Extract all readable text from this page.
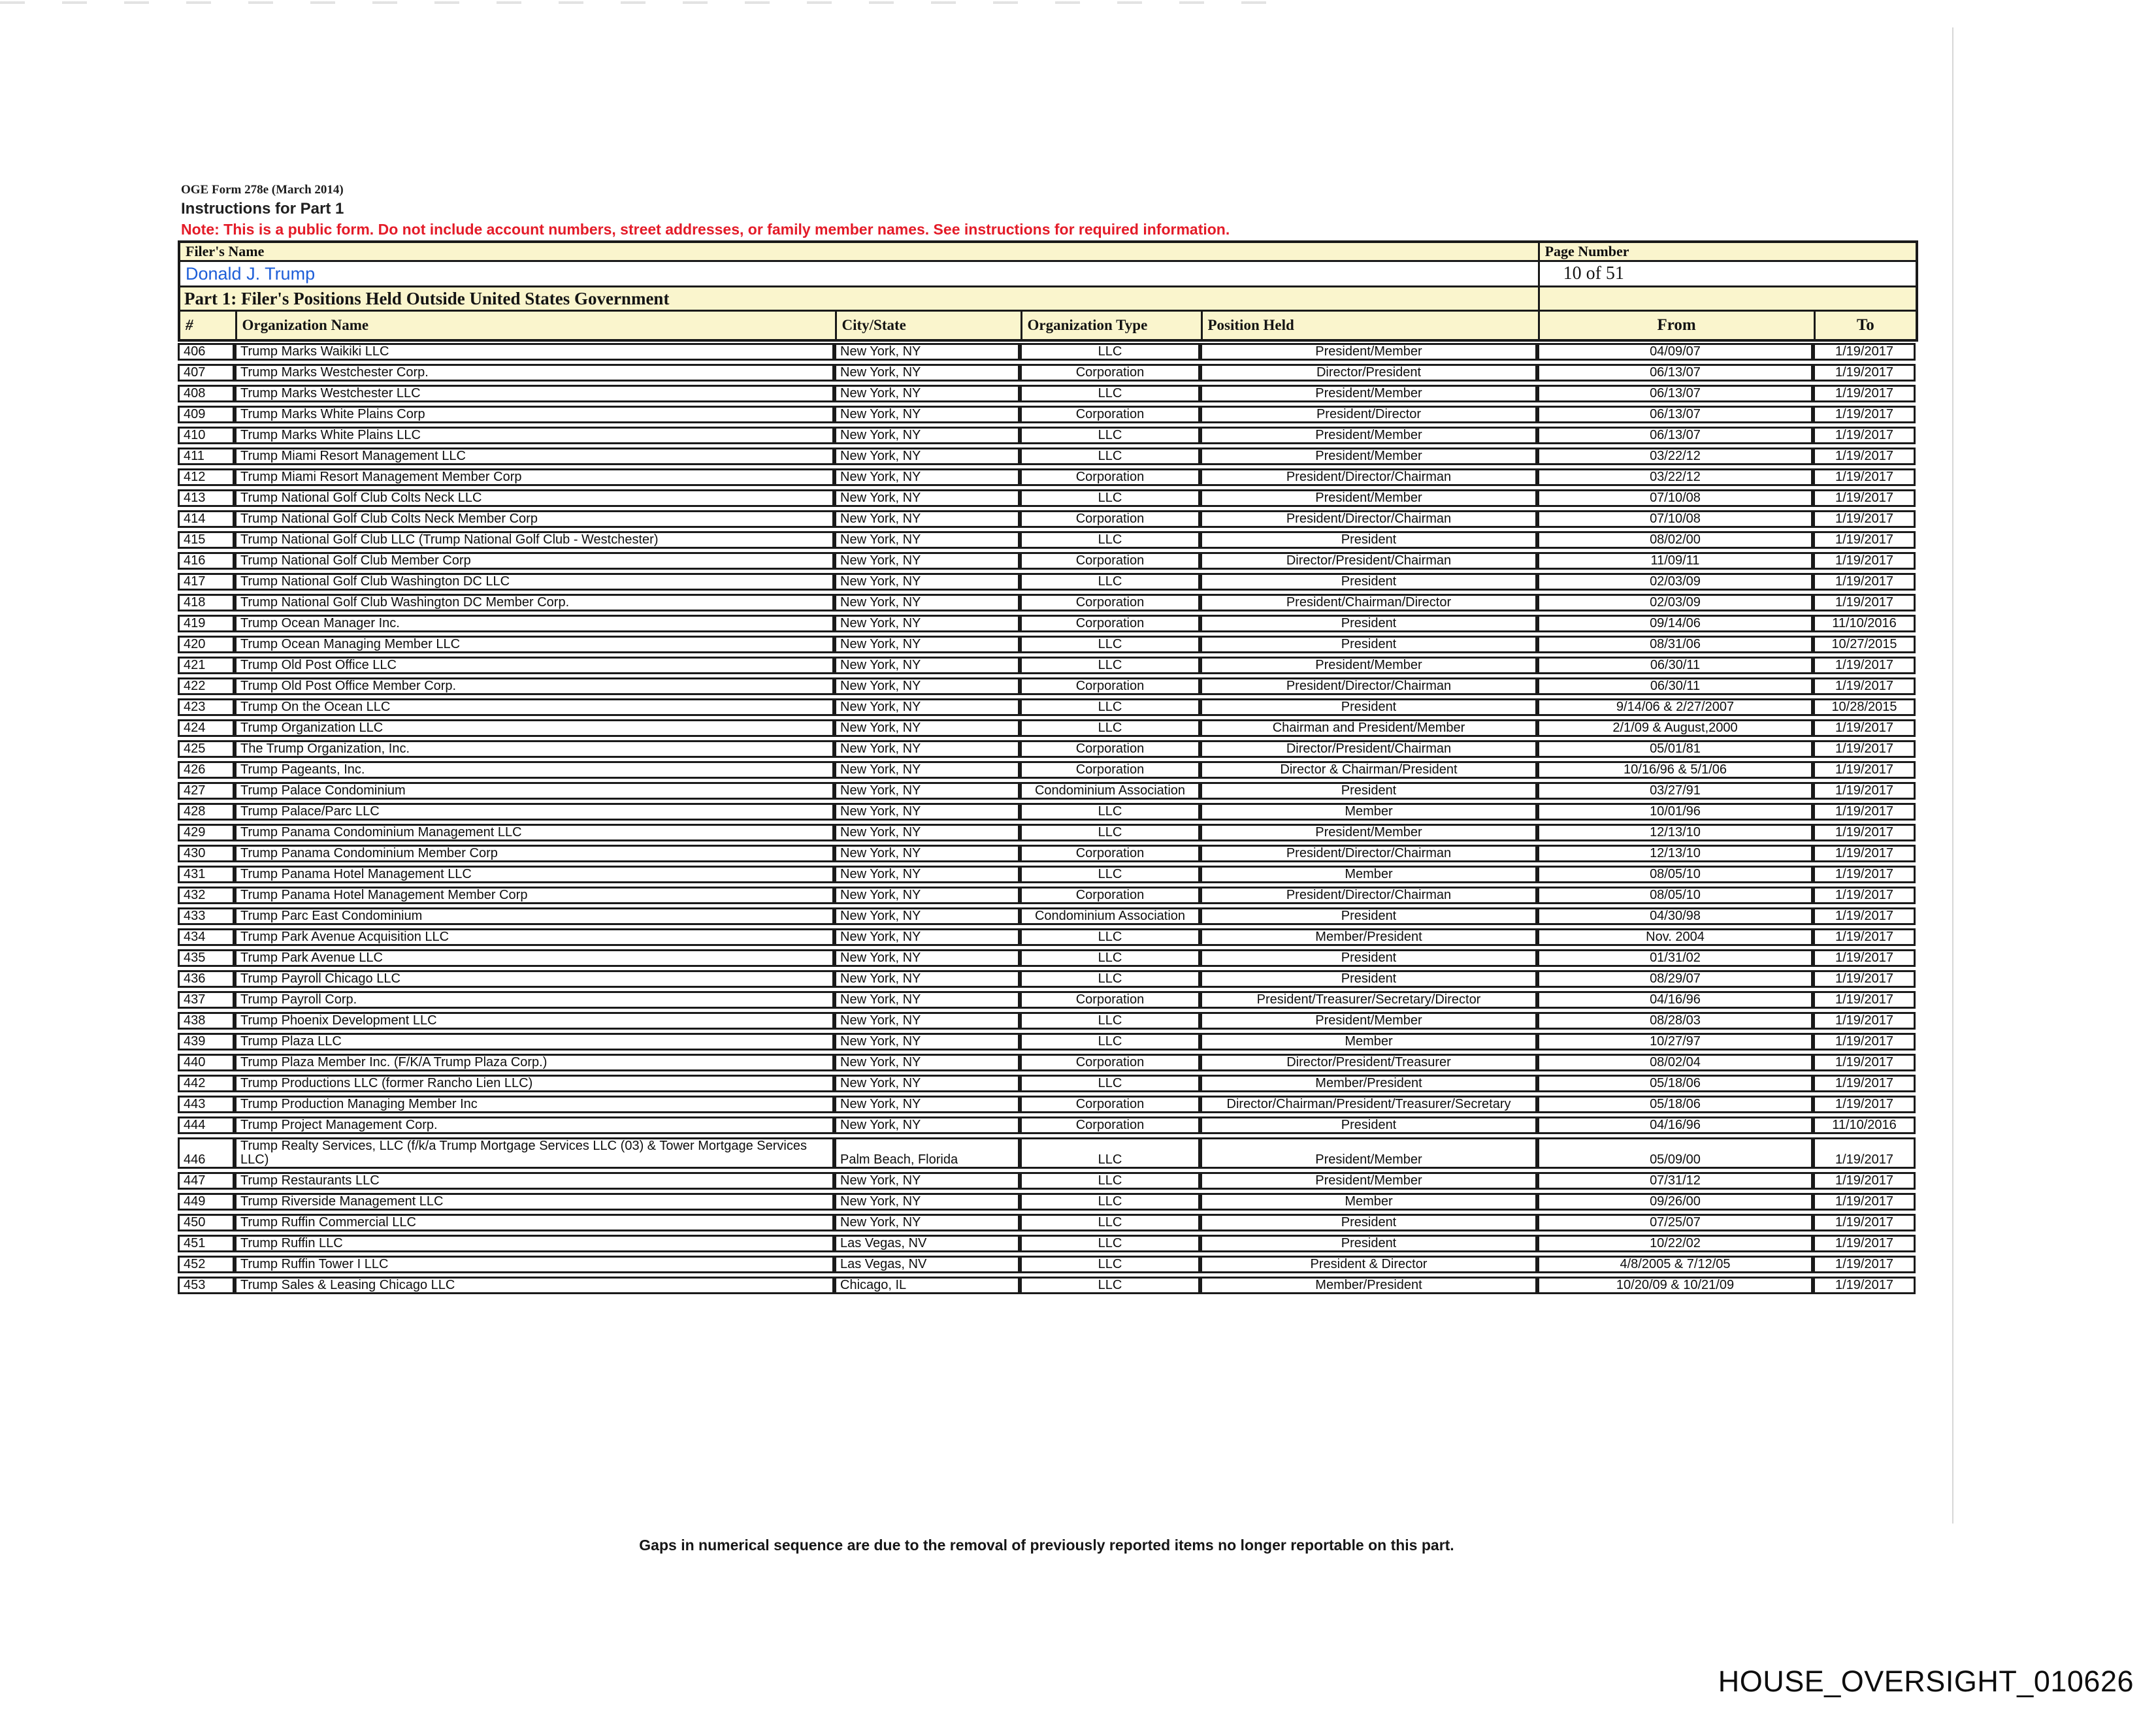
OGE Form 278e (March 2014)
Instructions for Part 1
Note: This is a public form. Do not include account numbers, street addresses, or family member names. See instructions for required information.
Filer's Name					Page Number	
Donald J. Trump					10 of 51	
Part 1: Filer's Positions Held Outside United States Government						
#	Organization Name	City/State	Organization Type	Position Held	From	To
406	Trump Marks Waikiki LLC	New York, NY	LLC	President/Member	04/09/07	1/19/2017
407	Trump Marks Westchester Corp.	New York, NY	Corporation	Director/President	06/13/07	1/19/2017
408	Trump Marks Westchester LLC	New York, NY	LLC	President/Member	06/13/07	1/19/2017
409	Trump Marks White Plains Corp	New York, NY	Corporation	President/Director	06/13/07	1/19/2017
410	Trump Marks White Plains LLC	New York, NY	LLC	President/Member	06/13/07	1/19/2017
411	Trump Miami Resort Management LLC	New York, NY	LLC	President/Member	03/22/12	1/19/2017
412	Trump Miami Resort Management Member Corp	New York, NY	Corporation	President/Director/Chairman	03/22/12	1/19/2017
413	Trump National Golf Club Colts Neck LLC	New York, NY	LLC	President/Member	07/10/08	1/19/2017
414	Trump National Golf Club Colts Neck Member Corp	New York, NY	Corporation	President/Director/Chairman	07/10/08	1/19/2017
415	Trump National Golf Club LLC (Trump National Golf Club - Westchester)	New York, NY	LLC	President	08/02/00	1/19/2017
416	Trump National Golf Club Member Corp	New York, NY	Corporation	Director/President/Chairman	11/09/11	1/19/2017
417	Trump National Golf Club Washington DC LLC	New York, NY	LLC	President	02/03/09	1/19/2017
418	Trump National Golf Club Washington DC Member Corp.	New York, NY	Corporation	President/Chairman/Director	02/03/09	1/19/2017
419	Trump Ocean Manager Inc.	New York, NY	Corporation	President	09/14/06	11/10/2016
420	Trump Ocean Managing Member LLC	New York, NY	LLC	President	08/31/06	10/27/2015
421	Trump Old Post Office LLC	New York, NY	LLC	President/Member	06/30/11	1/19/2017
422	Trump Old Post Office Member Corp.	New York, NY	Corporation	President/Director/Chairman	06/30/11	1/19/2017
423	Trump On the Ocean LLC	New York, NY	LLC	President	9/14/06 & 2/27/2007	10/28/2015
424	Trump Organization LLC	New York, NY	LLC	Chairman and President/Member	2/1/09 & August,2000	1/19/2017
425	The Trump Organization, Inc.	New York, NY	Corporation	Director/President/Chairman	05/01/81	1/19/2017
426	Trump Pageants, Inc.	New York, NY	Corporation	Director & Chairman/President	10/16/96 & 5/1/06	1/19/2017
427	Trump Palace Condominium	New York, NY	Condominium Association	President	03/27/91	1/19/2017
428	Trump Palace/Parc LLC	New York, NY	LLC	Member	10/01/96	1/19/2017
429	Trump Panama Condominium Management LLC	New York, NY	LLC	President/Member	12/13/10	1/19/2017
430	Trump Panama Condominium Member Corp	New York, NY	Corporation	President/Director/Chairman	12/13/10	1/19/2017
431	Trump Panama Hotel Management LLC	New York, NY	LLC	Member	08/05/10	1/19/2017
432	Trump Panama Hotel Management Member Corp	New York, NY	Corporation	President/Director/Chairman	08/05/10	1/19/2017
433	Trump Parc East Condominium	New York, NY	Condominium Association	President	04/30/98	1/19/2017
434	Trump Park Avenue Acquisition LLC	New York, NY	LLC	Member/President	Nov. 2004	1/19/2017
435	Trump Park Avenue LLC	New York, NY	LLC	President	01/31/02	1/19/2017
436	Trump Payroll Chicago LLC	New York, NY	LLC	President	08/29/07	1/19/2017
437	Trump Payroll Corp.	New York, NY	Corporation	President/Treasurer/Secretary/Director	04/16/96	1/19/2017
438	Trump Phoenix Development LLC	New York, NY	LLC	President/Member	08/28/03	1/19/2017
439	Trump Plaza LLC	New York, NY	LLC	Member	10/27/97	1/19/2017
440	Trump Plaza Member Inc. (F/K/A Trump Plaza Corp.)	New York, NY	Corporation	Director/President/Treasurer	08/02/04	1/19/2017
442	Trump Productions LLC (former Rancho Lien LLC)	New York, NY	LLC	Member/President	05/18/06	1/19/2017
443	Trump Production Managing Member Inc	New York, NY	Corporation	Director/Chairman/President/Treasurer/Secretary	05/18/06	1/19/2017
444	Trump Project Management Corp.	New York, NY	Corporation	President	04/16/96	11/10/2016
446	Trump Realty Services, LLC (f/k/a Trump Mortgage Services LLC (03) & Tower Mortgage Services LLC)	Palm Beach, Florida	LLC	President/Member	05/09/00	1/19/2017
447	Trump Restaurants LLC	New York, NY	LLC	President/Member	07/31/12	1/19/2017
449	Trump Riverside Management LLC	New York, NY	LLC	Member	09/26/00	1/19/2017
450	Trump Ruffin Commercial LLC	New York, NY	LLC	President	07/25/07	1/19/2017
451	Trump Ruffin LLC	Las Vegas, NV	LLC	President	10/22/02	1/19/2017
452	Trump Ruffin Tower I LLC	Las Vegas, NV	LLC	President & Director	4/8/2005 & 7/12/05	1/19/2017
453	Trump Sales & Leasing Chicago LLC	Chicago, IL	LLC	Member/President	10/20/09 & 10/21/09	1/19/2017
Gaps in numerical sequence are due to the removal of previously reported items no longer reportable on this part.
HOUSE_OVERSIGHT_010626
